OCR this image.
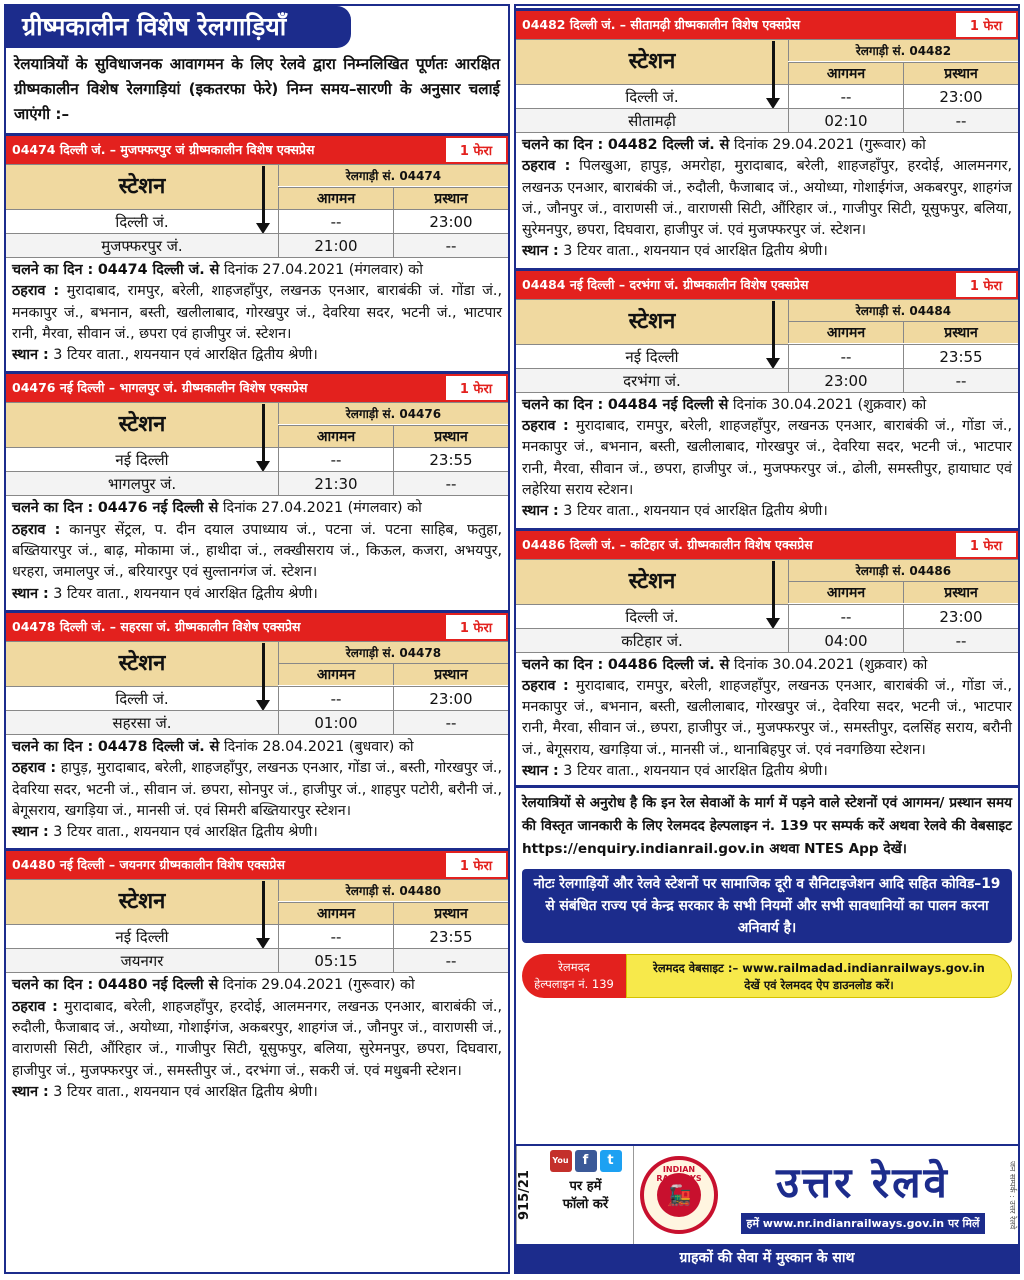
ग्रीष्मकालीन विशेष रेलगाड़ियाँ
रेलयात्रियों के सुविधाजनक आवागमन के लिए रेलवे द्वारा निम्नलिखित पूर्णतः आरक्षित ग्रीष्मकालीन विशेष रेलगाड़ियां (इकतरफा फेरे) निम्न समय–सारणी के अनुसार चलाई जाएंगी :–
04474 दिल्ली जं. – मुजफ्फरपुर जं ग्रीष्मकालीन विशेष एक्सप्रेस	1 फेरा
स्टेशन	रेलगाड़ी सं. 04474
आगमन	प्रस्थान
दिल्ली जं.	--	23:00
मुजफ्फरपुर जं.	21:00	--
चलने का दिन : 04474 दिल्ली जं. से दिनांक 27.04.2021 (मंगलवार) को
ठहराव : मुरादाबाद, रामपुर, बरेली, शाहजहाँपुर, लखनऊ एनआर, बाराबंकी जं. गोंडा जं., मनकापुर जं., बभनान, बस्ती, खलीलाबाद, गोरखपुर जं., देवरिया सदर, भटनी जं., भाटपार रानी, मैरवा, सीवान जं., छपरा एवं हाजीपुर जं. स्टेशन।
स्थान : 3 टियर वाता., शयनयान एवं आरक्षित द्वितीय श्रेणी।
04476 नई दिल्ली – भागलपुर जं. ग्रीष्मकालीन विशेष एक्सप्रेस	1 फेरा
स्टेशन	रेलगाड़ी सं. 04476
आगमन	प्रस्थान
नई दिल्ली	--	23:55
भागलपुर जं.	21:30	--
चलने का दिन : 04476 नई दिल्ली से दिनांक 27.04.2021 (मंगलवार) को
ठहराव : कानपुर सेंट्रल, प. दीन दयाल उपाध्याय जं., पटना जं. पटना साहिब, फतुहा, बख्तियारपुर जं., बाढ़, मोकामा जं., हाथीदा जं., लक्खीसराय जं., किऊल, कजरा, अभयपुर, धरहरा, जमालपुर जं., बरियारपुर एवं सुल्तानगंज जं. स्टेशन।
स्थान : 3 टियर वाता., शयनयान एवं आरक्षित द्वितीय श्रेणी।
04478 दिल्ली जं. – सहरसा जं. ग्रीष्मकालीन विशेष एक्सप्रेस	1 फेरा
स्टेशन	रेलगाड़ी सं. 04478
आगमन	प्रस्थान
दिल्ली जं.	--	23:00
सहरसा जं.	01:00	--
चलने का दिन : 04478 दिल्ली जं. से दिनांक 28.04.2021 (बुधवार) को
ठहराव : हापुड़, मुरादाबाद, बरेली, शाहजहाँपुर, लखनऊ एनआर, गोंडा जं., बस्ती, गोरखपुर जं., देवरिया सदर, भटनी जं., सीवान जं. छपरा, सोनपुर जं., हाजीपुर जं., शाहपुर पटोरी, बरौनी जं., बेगूसराय, खगड़िया जं., मानसी जं. एवं सिमरी बख्तियारपुर स्टेशन।
स्थान : 3 टियर वाता., शयनयान एवं आरक्षित द्वितीय श्रेणी।
04480 नई दिल्ली – जयनगर ग्रीष्मकालीन विशेष एक्सप्रेस	1 फेरा
स्टेशन	रेलगाड़ी सं. 04480
आगमन	प्रस्थान
नई दिल्ली	--	23:55
जयनगर	05:15	--
चलने का दिन : 04480 नई दिल्ली से दिनांक 29.04.2021 (गुरूवार) को
ठहराव : मुरादाबाद, बरेली, शाहजहाँपुर, हरदोई, आलमनगर, लखनऊ एनआर, बाराबंकी जं., रुदौली, फैजाबाद जं., अयोध्या, गोशाईगंज, अकबरपुर, शाहगंज जं., जौनपुर जं., वाराणसी जं., वाराणसी सिटी, औंरिहार जं., गाजीपुर सिटी, यूसुफपुर, बलिया, सुरेमनपुर, छपरा, दिघवारा, हाजीपुर जं., मुजफ्फरपुर जं., समस्तीपुर जं., दरभंगा जं., सकरी जं. एवं मधुबनी स्टेशन।
स्थान : 3 टियर वाता., शयनयान एवं आरक्षित द्वितीय श्रेणी।
04482 दिल्ली जं. – सीतामढ़ी ग्रीष्मकालीन विशेष एक्सप्रेस	1 फेरा
स्टेशन	रेलगाड़ी सं. 04482
आगमन	प्रस्थान
दिल्ली जं.	--	23:00
सीतामढ़ी	02:10	--
चलने का दिन : 04482 दिल्ली जं. से दिनांक 29.04.2021 (गुरूवार) को
ठहराव : पिलखुआ, हापुड़, अमरोहा, मुरादाबाद, बरेली, शाहजहाँपुर, हरदोई, आलमनगर, लखनऊ एनआर, बाराबंकी जं., रुदौली, फैजाबाद जं., अयोध्या, गोशाईगंज, अकबरपुर, शाहगंज जं., जौनपुर जं., वाराणसी जं., वाराणसी सिटी, औंरिहार जं., गाजीपुर सिटी, यूसुफपुर, बलिया, सुरेमनपुर, छपरा, दिघवारा, हाजीपुर जं. एवं मुजफ्फरपुर जं. स्टेशन।
स्थान : 3 टियर वाता., शयनयान एवं आरक्षित द्वितीय श्रेणी।
04484 नई दिल्ली – दरभंगा जं. ग्रीष्मकालीन विशेष एक्सप्रेस	1 फेरा
स्टेशन	रेलगाड़ी सं. 04484
आगमन	प्रस्थान
नई दिल्ली	--	23:55
दरभंगा जं.	23:00	--
चलने का दिन : 04484 नई दिल्ली से दिनांक 30.04.2021 (शुक्रवार) को
ठहराव : मुरादाबाद, रामपुर, बरेली, शाहजहाँपुर, लखनऊ एनआर, बाराबंकी जं., गोंडा जं., मनकापुर जं., बभनान, बस्ती, खलीलाबाद, गोरखपुर जं., देवरिया सदर, भटनी जं., भाटपार रानी, मैरवा, सीवान जं., छपरा, हाजीपुर जं., मुजफ्फरपुर जं., ढोली, समस्तीपुर, हायाघाट एवं लहेरिया सराय स्टेशन।
स्थान : 3 टियर वाता., शयनयान एवं आरक्षित द्वितीय श्रेणी।
04486 दिल्ली जं. – कटिहार जं. ग्रीष्मकालीन विशेष एक्सप्रेस	1 फेरा
स्टेशन	रेलगाड़ी सं. 04486
आगमन	प्रस्थान
दिल्ली जं.	--	23:00
कटिहार जं.	04:00	--
चलने का दिन : 04486 दिल्ली जं. से दिनांक 30.04.2021 (शुक्रवार) को
ठहराव : मुरादाबाद, रामपुर, बरेली, शाहजहाँपुर, लखनऊ एनआर, बाराबंकी जं., गोंडा जं., मनकापुर जं., बभनान, बस्ती, खलीलाबाद, गोरखपुर जं., देवरिया सदर, भटनी जं., भाटपार रानी, मैरवा, सीवान जं., छपरा, हाजीपुर जं., मुजफ्फरपुर जं., समस्तीपुर, दलसिंह सराय, बरौनी जं., बेगूसराय, खगड़िया जं., मानसी जं., थानाबिहपुर जं. एवं नवगछिया स्टेशन।
स्थान : 3 टियर वाता., शयनयान एवं आरक्षित द्वितीय श्रेणी।
रेलयात्रियों से अनुरोध है कि इन रेल सेवाओं के मार्ग में पड़ने वाले स्टेशनों एवं आगमन/ प्रस्थान समय की विस्तृत जानकारी के लिए रेलमदद हेल्पलाइन नं. 139 पर सम्पर्क करें अथवा रेलवे की वेबसाइट https://enquiry.indianrail.gov.in अथवा NTES App देखें।
नोटः रेलगाड़ियों और रेलवे स्टेशनों पर सामाजिक दूरी व सैनिटाइजेशन आदि सहित कोविड–19 से संबंधित राज्य एवं केन्द्र सरकार के सभी नियमों और सभी सावधानियों का पालन करना अनिवार्य है।
रेलमदद
हेल्पलाइन नं. 139
रेलमदद वेबसाइट :– www.railmadad.indianrailways.gov.in
देखें एवं रेलमदद ऐप डाउनलोड करें।
915/21
You Tube
f	t
पर हमें
फॉलो करें
INDIAN RAILWAYS
🚂 उत्तर रेलवे
हमें www.nr.indianrailways.gov.in पर मिलें	जन सम्पर्क : उत्तर रेलवे
ग्राहकों की सेवा में मुस्कान के साथ
